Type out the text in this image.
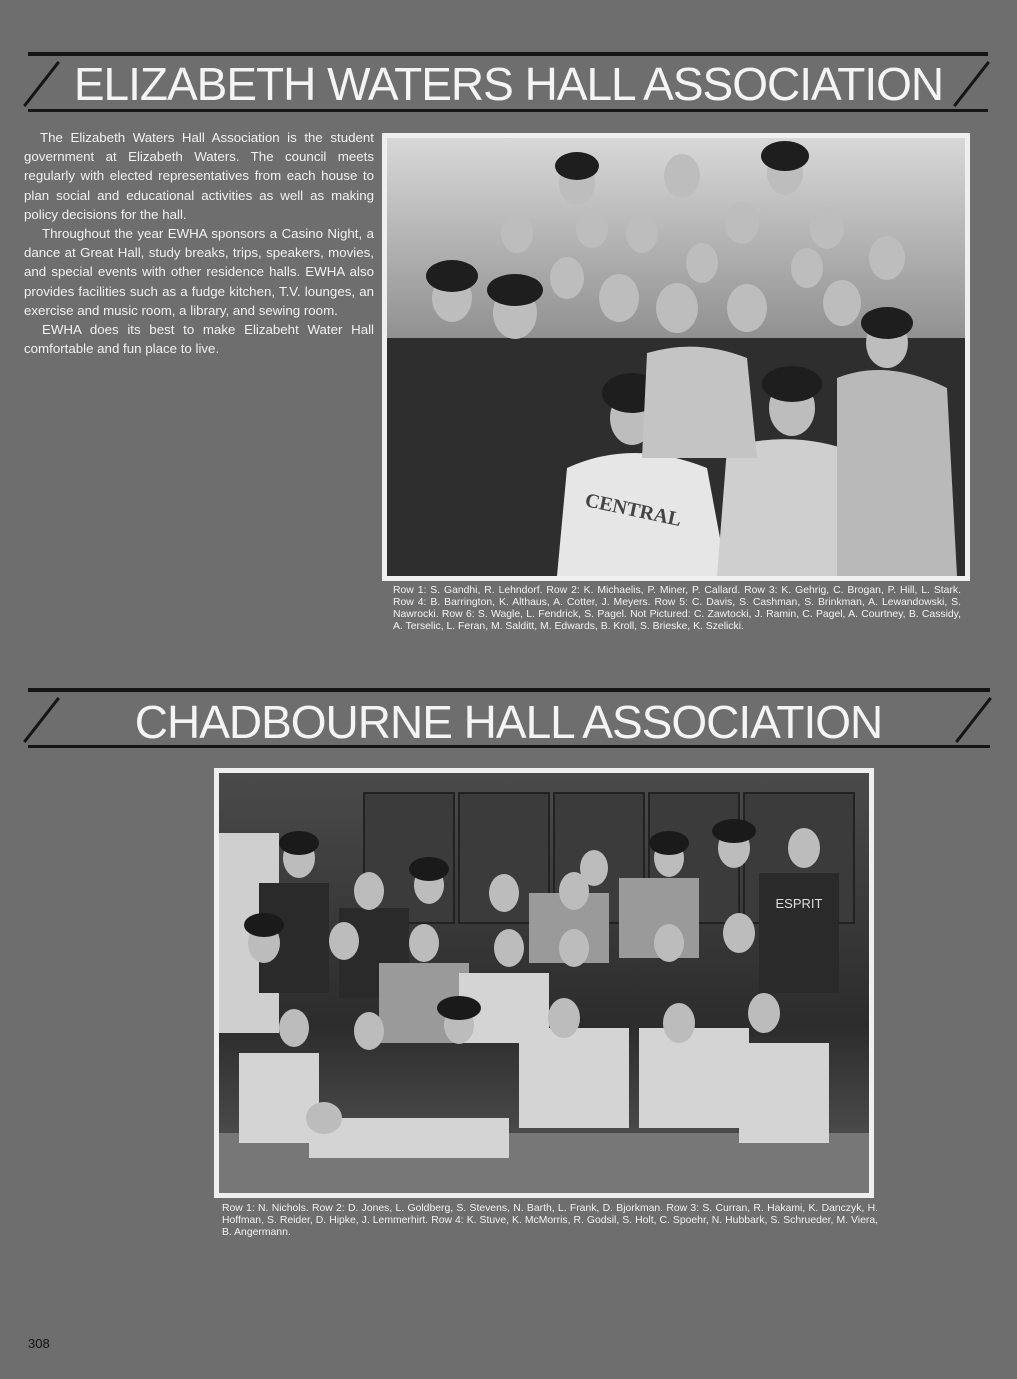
ELIZABETH WATERS HALL ASSOCIATION

The Elizabeth Waters Hall Association is the student government at Elizabeth Waters. The council meets regularly with elected representatives from each house to plan social and educational activities as well as making policy decisions for the hall.

Throughout the year EWHA sponsors a Casino Night, a dance at Great Hall, study breaks, trips, speakers, movies, and special events with other residence halls. EWHA also provides facilities such as a fudge kitchen, T.V. lounges, an exercise and music room, a library, and sewing room.

EWHA does its best to make Elizabeht Water Hall comfortable and fun place to live.

CENTRAL
Row 1: S. Gandhi, R. Lehndorf. Row 2: K. Michaelis, P. Miner, P. Callard. Row 3: K. Gehrig, C. Brogan, P. Hill, L. Stark. Row 4: B. Barrington, K. Althaus, A. Cotter, J. Meyers. Row 5: C. Davis, S. Cashman, S. Brinkman, A. Lewandowski, S. Nawrocki. Row 6: S. Wagle, L. Fendrick, S. Pagel. Not Pictured: C. Zawtocki, J. Ramin, C. Pagel, A. Courtney, B. Cassidy, A. Terselic, L. Feran, M. Salditt, M. Edwards, B. Kroll, S. Brieske, K. Szelicki.
CHADBOURNE HALL ASSOCIATION
ESPRIT
Row 1: N. Nichols. Row 2: D. Jones, L. Goldberg, S. Stevens, N. Barth, L. Frank, D. Bjorkman. Row 3: S. Curran, R. Hakami, K. Danczyk, H. Hoffman, S. Reider, D. Hipke, J. Lemmerhirt. Row 4: K. Stuve, K. McMorris, R. Godsil, S. Holt, C. Spoehr, N. Hubbark, S. Schrueder, M. Viera, B. Angermann.
308
